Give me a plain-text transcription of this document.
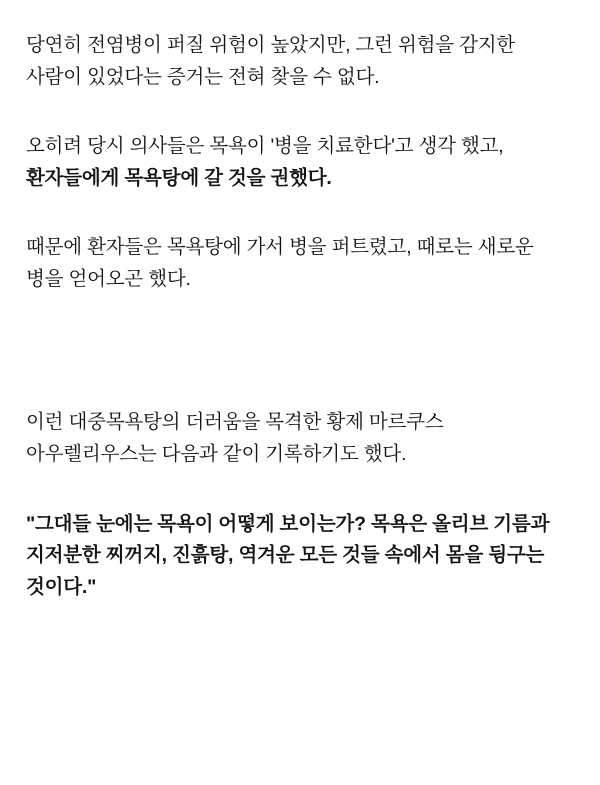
당연히 전염병이 퍼질 위험이 높았지만, 그런 위험을 감지한 사람이 있었다는 증거는 전혀 찾을 수 없다.

오히려 당시 의사들은 목욕이 '병을 치료한다'고 생각 했고, 환자들에게 목욕탕에 갈 것을 권했다.

때문에 환자들은 목욕탕에 가서 병을 퍼트렸고, 때로는 새로운 병을 얻어오곤 했다.

이런 대중목욕탕의 더러움을 목격한 황제 마르쿠스 아우렐리우스는 다음과 같이 기록하기도 했다.

"그대들 눈에는 목욕이 어떻게 보이는가? 목욕은 올리브 기름과 지저분한 찌꺼지, 진흙탕, 역겨운 모든 것들 속에서 몸을 뒹구는 것이다."
